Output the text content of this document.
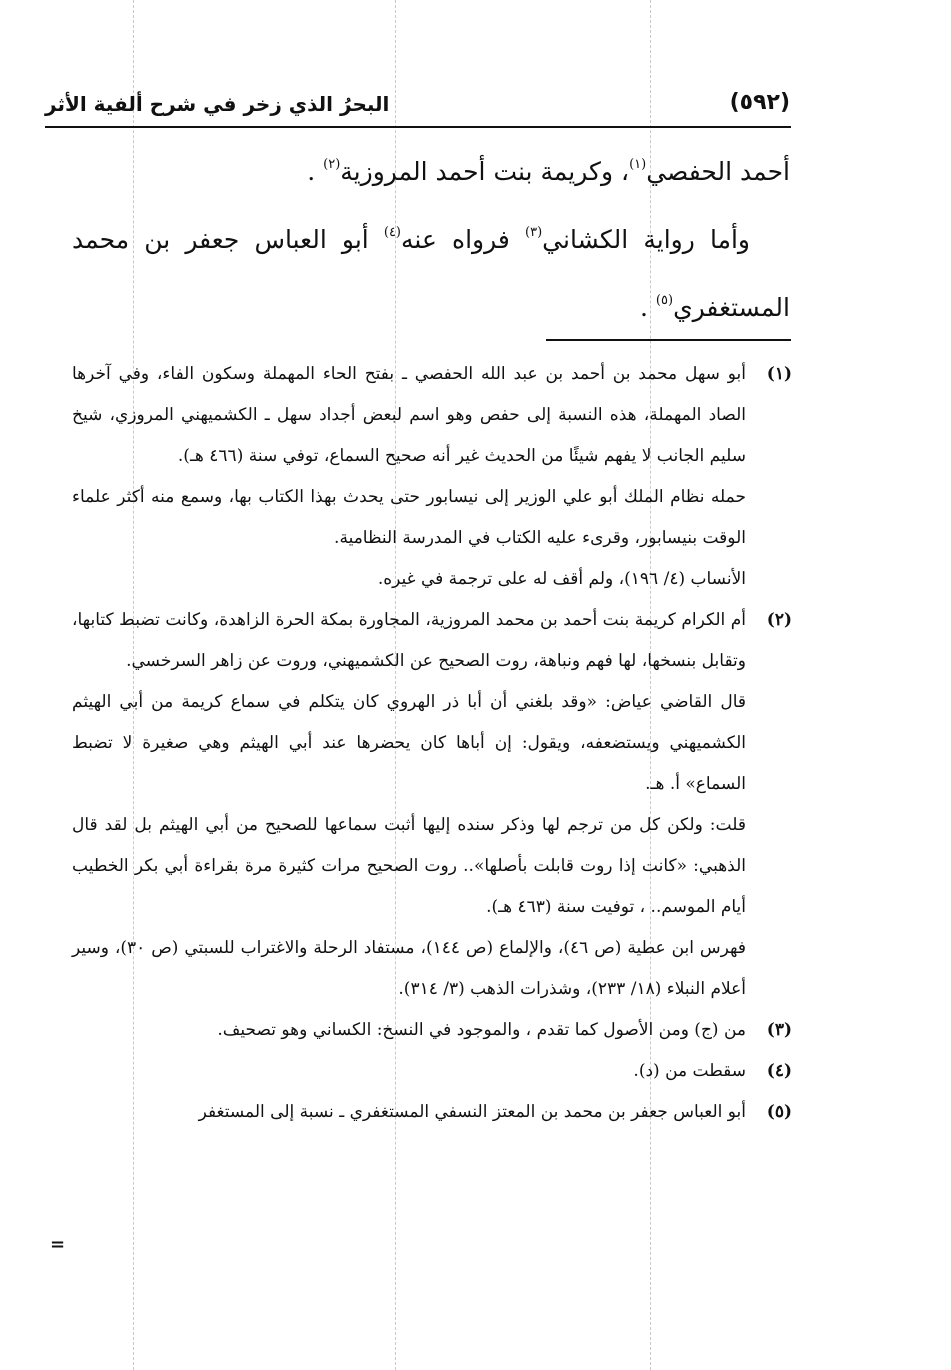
(٥٩٢)
البحرُ الذي زخر في شرح ألفية الأثر

أحمد الحفصي$^{(١)}$، وكريمة بنت أحمد المروزية$^{(٢)}$ .

وأما رواية الكشاني$^{(٣)}$ فرواه عنه$^{(٤)}$ أبو العباس جعفر بن محمد المستغفري$^{(٥)}$ .

(١)

أبو سهل محمد بن أحمد بن عبد الله الحفصي ـ بفتح الحاء المهملة وسكون الفاء، وفي آخرها الصاد المهملة، هذه النسبة إلى حفص وهو اسم لبعض أجداد سهل ـ الكشميهني المروزي، شيخ سليم الجانب لا يفهم شيئًا من الحديث غير أنه صحيح السماع، توفي سنة (٤٦٦ هـ).

حمله نظام الملك أبو علي الوزير إلى نيسابور حتى يحدث بهذا الكتاب بها، وسمع منه أكثر علماء الوقت بنيسابور، وقرىء عليه الكتاب في المدرسة النظامية.

الأنساب (٤/ ١٩٦)، ولم أقف له على ترجمة في غيره.

(٢)

أم الكرام كريمة بنت أحمد بن محمد المروزية، المجاورة بمكة الحرة الزاهدة، وكانت تضبط كتابها، وتقابل بنسخها، لها فهم ونباهة، روت الصحيح عن الكشميهني، وروت عن زاهر السرخسي.

قال القاضي عياض: «وقد بلغني أن أبا ذر الهروي كان يتكلم في سماع كريمة من أبي الهيثم الكشميهني ويستضعفه، ويقول: إن أباها كان يحضرها عند أبي الهيثم وهي صغيرة لا تضبط السماع» أ. هـ.

قلت: ولكن كل من ترجم لها وذكر سنده إليها أثبت سماعها للصحيح من أبي الهيثم بل لقد قال الذهبي: «كانت إذا روت قابلت بأصلها».. روت الصحيح مرات كثيرة مرة بقراءة أبي بكر الخطيب أيام الموسم.. ، توفيت سنة (٤٦٣ هـ).

فهرس ابن عطية (ص ٤٦)، والإلماع (ص ١٤٤)، مستفاد الرحلة والاغتراب للسبتي (ص ٣٠)، وسير أعلام النبلاء (١٨/ ٢٣٣)، وشذرات الذهب (٣/ ٣١٤).

(٣)

من (ج) ومن الأصول كما تقدم ، والموجود في النسخ: الكساني وهو تصحيف.

(٤)

سقطت من (د).

(٥)

أبو العباس جعفر بن محمد بن المعتز النسفي المستغفري ـ نسبة إلى المستغفر

=
